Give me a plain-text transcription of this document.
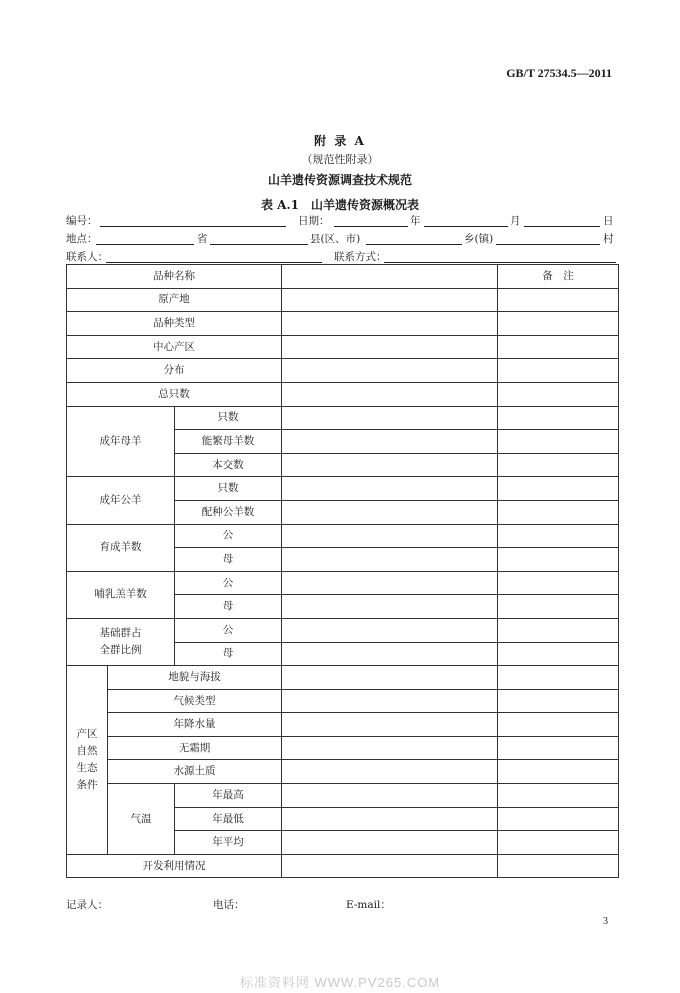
GB/T 27534.5—2011
附 录 A
（规范性附录）
山羊遗传资源调查技术规范
表 A.1　山羊遗传资源概况表
编号：	日期：	年	月	日
地点：	省	县(区、市)	乡(镇)	村
联系人：	联系方式：
品种名称				备　注
原产地				
品种类型				
中心产区				
分布				
总只数				
成年母羊		只数		
		能繁母羊数		
		本交数		
成年公羊		只数		
		配种公羊数		
育成羊数		公		
		母		
哺乳羔羊数		公		
		母		

基础群占
全群比例		公		
		母		

产区
自然
生态
条件	地貌与海拔			
	气候类型			
	年降水量			
	无霜期			
	水源土质			
	气温	年最高		
		年最低		
		年平均		
开发利用情况				
记录人：	电话：	E-mail：
3
标准资料网 WWW.PV265.COM
